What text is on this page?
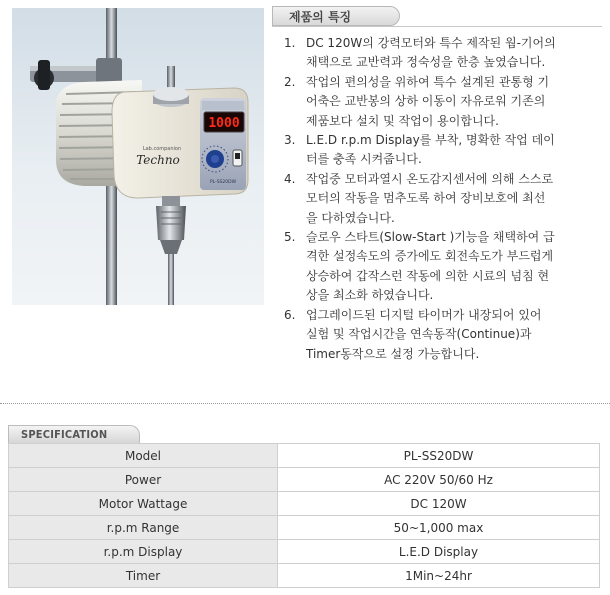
1000
PL-SS20DW
Lab.companion
Techno
제품의 특징
1. DC 120W의 강력모터와 특수 제작된 웜-기어의
채택으로 교반력과 정숙성을 한층 높였습니다.
2. 작업의 편의성을 위하여 특수 설계된 관통형 기
어축은 교반봉의 상하 이동이 자유로워 기존의
제품보다 설치 및 작업이 용이합니다.
3. L.E.D r.p.m Display를 부착, 명확한 작업 데이
터를 충족 시켜줍니다.
4. 작업중 모터과열시 온도감지센서에 의해 스스로
모터의 작동을 멈추도록 하여 장비보호에 최선
을 다하였습니다.
5. 슬로우 스타트(Slow-Start )기능을 채택하여 급
격한 설정속도의 증가에도 회전속도가 부드럽게
상승하여 갑작스런 작동에 의한 시료의 넘침 현
상을 최소화 하였습니다.
6. 업그레이드된 디지털 타이머가 내장되어 있어
실험 및 작업시간을 연속동작(Continue)과
Timer동작으로 설정 가능합니다.
SPECIFICATION
Model	PL-SS20DW
Power	AC 220V 50/60 Hz
Motor Wattage	DC 120W
r.p.m Range	50~1,000 max
r.p.m Display	L.E.D Display
Timer	1Min~24hr
